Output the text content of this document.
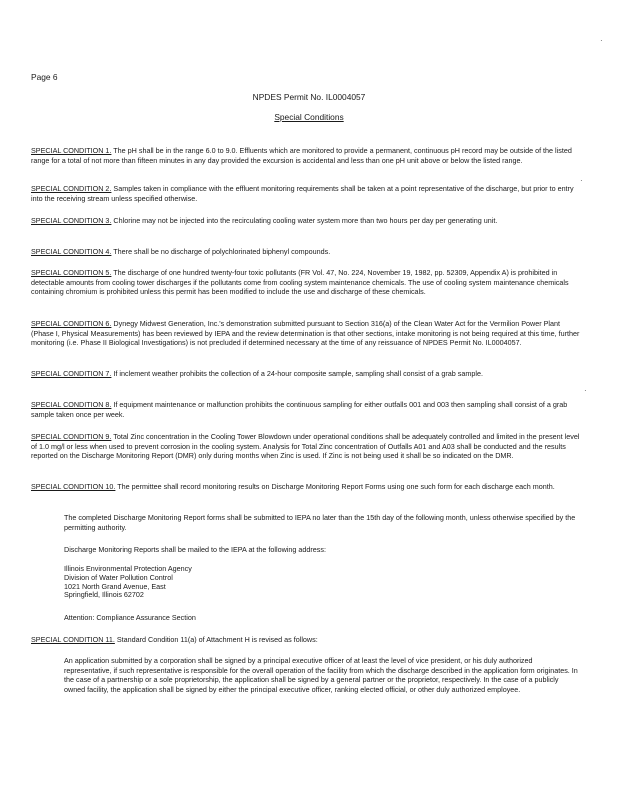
Page 6
NPDES Permit No. IL0004057
Special Conditions

SPECIAL CONDITION 1. The pH shall be in the range 6.0 to 9.0. Effluents which are monitored to provide a permanent, continuous pH record may be outside of the listed range for a total of not more than fifteen minutes in any day provided the excursion is accidental and less than one pH unit above or below the listed range.

SPECIAL CONDITION 2. Samples taken in compliance with the effluent monitoring requirements shall be taken at a point representative of the discharge, but prior to entry into the receiving stream unless specified otherwise.

SPECIAL CONDITION 3. Chlorine may not be injected into the recirculating cooling water system more than two hours per day per generating unit.

SPECIAL CONDITION 4. There shall be no discharge of polychlorinated biphenyl compounds.

SPECIAL CONDITION 5. The discharge of one hundred twenty-four toxic pollutants (FR Vol. 47, No. 224, November 19, 1982, pp. 52309, Appendix A) is prohibited in detectable amounts from cooling tower discharges if the pollutants come from cooling system maintenance chemicals. The use of cooling system maintenance chemicals containing chromium is prohibited unless this permit has been modified to include the use and discharge of these chemicals.

SPECIAL CONDITION 6. Dynegy Midwest Generation, Inc.'s demonstration submitted pursuant to Section 316(a) of the Clean Water Act for the Vermilion Power Plant (Phase I, Physical Measurements) has been reviewed by IEPA and the review determination is that other sections, intake monitoring is not being required at this time, further monitoring (i.e. Phase II Biological Investigations) is not precluded if determined necessary at the time of any reissuance of NPDES Permit No. IL0004057.

SPECIAL CONDITION 7. If inclement weather prohibits the collection of a 24-hour composite sample, sampling shall consist of a grab sample.

SPECIAL CONDITION 8. If equipment maintenance or malfunction prohibits the continuous sampling for either outfalls 001 and 003 then sampling shall consist of a grab sample taken once per week.

SPECIAL CONDITION 9. Total Zinc concentration in the Cooling Tower Blowdown under operational conditions shall be adequately controlled and limited in the present level of 1.0 mg/l or less when used to prevent corrosion in the cooling system. Analysis for Total Zinc concentration of Outfalls A01 and A03 shall be conducted and the results reported on the Discharge Monitoring Report (DMR) only during months when Zinc is used. If Zinc is not being used it shall be so indicated on the DMR.

SPECIAL CONDITION 10. The permittee shall record monitoring results on Discharge Monitoring Report Forms using one such form for each discharge each month.

The completed Discharge Monitoring Report forms shall be submitted to IEPA no later than the 15th day of the following month, unless otherwise specified by the permitting authority.

Discharge Monitoring Reports shall be mailed to the IEPA at the following address:

Illinois Environmental Protection Agency
Division of Water Pollution Control
1021 North Grand Avenue, East
Springfield, Illinois 62702

Attention: Compliance Assurance Section

SPECIAL CONDITION 11. Standard Condition 11(a) of Attachment H is revised as follows:

An application submitted by a corporation shall be signed by a principal executive officer of at least the level of vice president, or his duly authorized representative, if such representative is responsible for the overall operation of the facility from which the discharge described in the application form originates. In the case of a partnership or a sole proprietorship, the application shall be signed by a general partner or the proprietor, respectively. In the case of a publicly owned facility, the application shall be signed by either the principal executive officer, ranking elected official, or other duly authorized employee.

·
·
·
